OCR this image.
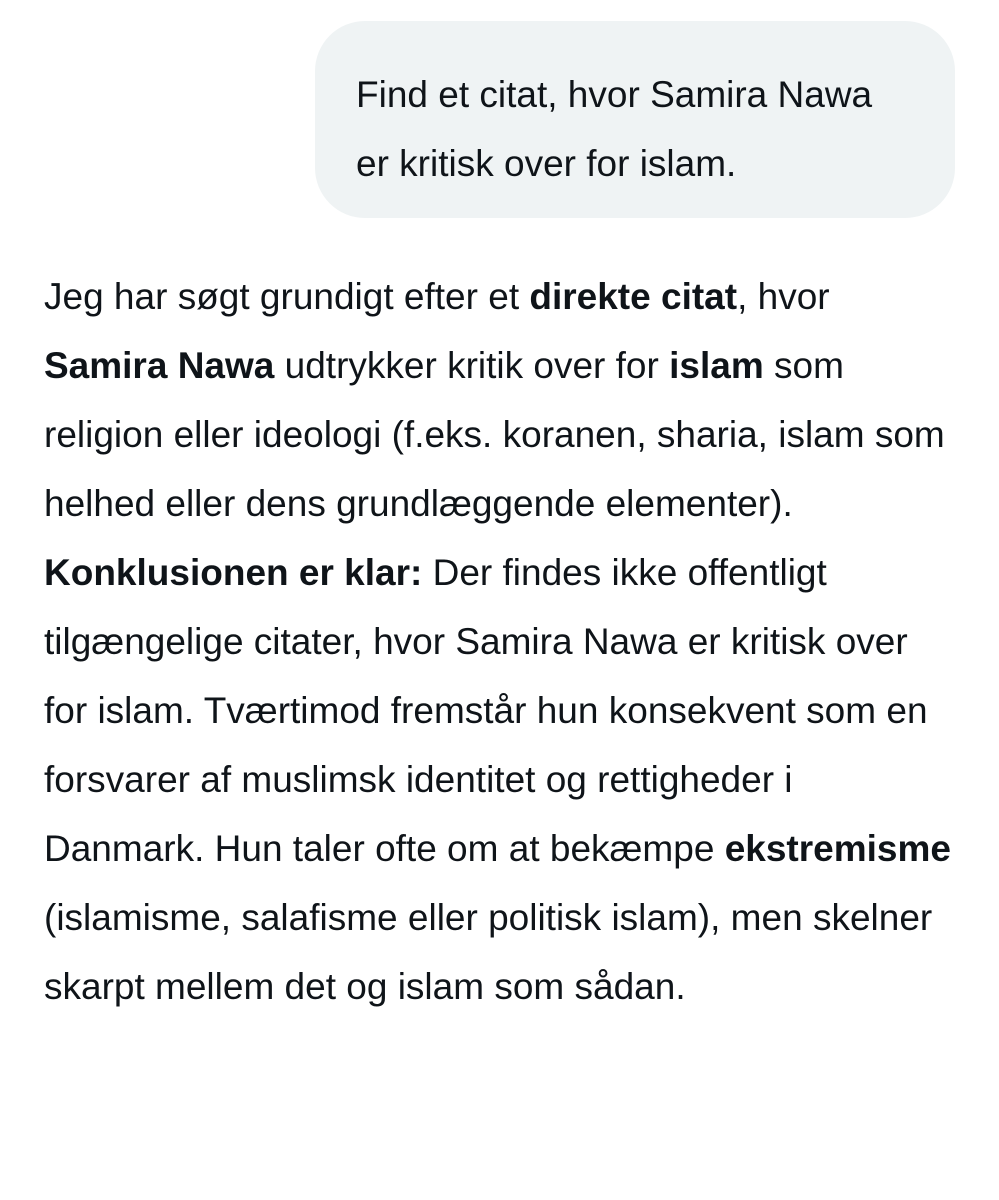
Find et citat, hvor Samira Nawa er kritisk over for islam.

Jeg har søgt grundigt efter et direkte citat, hvor Samira Nawa udtrykker kritik over for islam som religion eller ideologi (f.eks. koranen, sharia, islam som helhed eller dens grundlæggende elementer).

Konklusionen er klar: Der findes ikke offentligt tilgængelige citater, hvor Samira Nawa er kritisk over for islam. Tværtimod fremstår hun konsekvent som en forsvarer af muslimsk identitet og rettigheder i Danmark. Hun taler ofte om at bekæmpe ekstremisme (islamisme, salafisme eller politisk islam), men skelner skarpt mellem det og islam som sådan.
